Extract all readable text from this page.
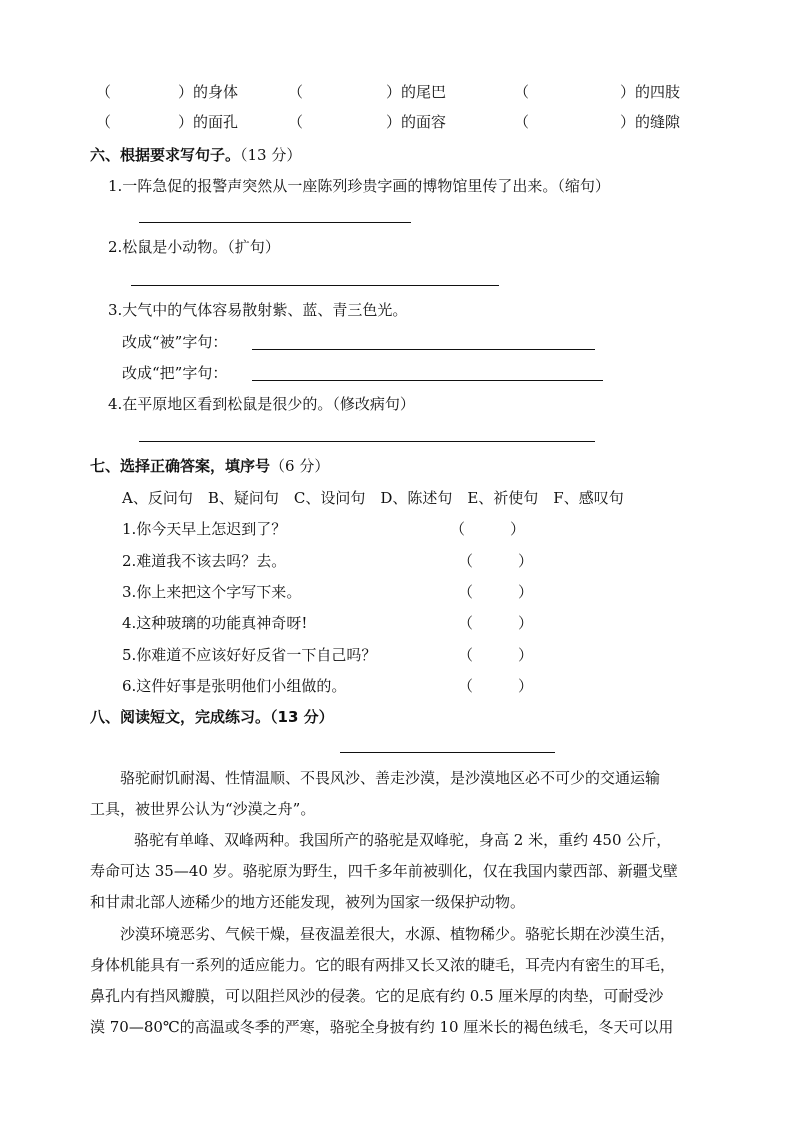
（	）的身体	（	）的尾巴	（	）的四肢
（	）的面孔	（	）的面容	（	）的缝隙
六、根据要求写句子。（13 分）
1.一阵急促的报警声突然从一座陈列珍贵字画的博物馆里传了出来。（缩句）
2.松鼠是小动物。（扩句）
3.大气中的气体容易散射紫、蓝、青三色光。
改成“被”字句：
改成“把”字句：
4.在平原地区看到松鼠是很少的。（修改病句）
七、选择正确答案，填序号（6 分）
A、反问句　B、疑问句　C、设问句　D、陈述句　E、祈使句　F、感叹句
1.你今天早上怎迟到了？	（　　　）
2.难道我不该去吗？去。	（　　　）
3.你上来把这个字写下来。	（　　　）
4.这种玻璃的功能真神奇呀!	（　　　）
5.你难道不应该好好反省一下自己吗？	（　　　）
6.这件好事是张明他们小组做的。	（　　　）
八、阅读短文，完成练习。（13 分）
骆驼耐饥耐渴、性情温顺、不畏风沙、善走沙漠，是沙漠地区必不可少的交通运输
工具，被世界公认为“沙漠之舟”。
骆驼有单峰、双峰两种。我国所产的骆驼是双峰驼，身高 2 米，重约 450 公斤，
寿命可达 35—40 岁。骆驼原为野生，四千多年前被驯化，仅在我国内蒙西部、新疆戈壁
和甘肃北部人迹稀少的地方还能发现，被列为国家一级保护动物。
沙漠环境恶劣、气候干燥，昼夜温差很大，水源、植物稀少。骆驼长期在沙漠生活，
身体机能具有一系列的适应能力。它的眼有两排又长又浓的睫毛，耳壳内有密生的耳毛，
鼻孔内有挡风瓣膜，可以阻拦风沙的侵袭。它的足底有约 0.5 厘米厚的肉垫，可耐受沙
漠 70—80℃的高温或冬季的严寒，骆驼全身披有约 10 厘米长的褐色绒毛，冬天可以用
